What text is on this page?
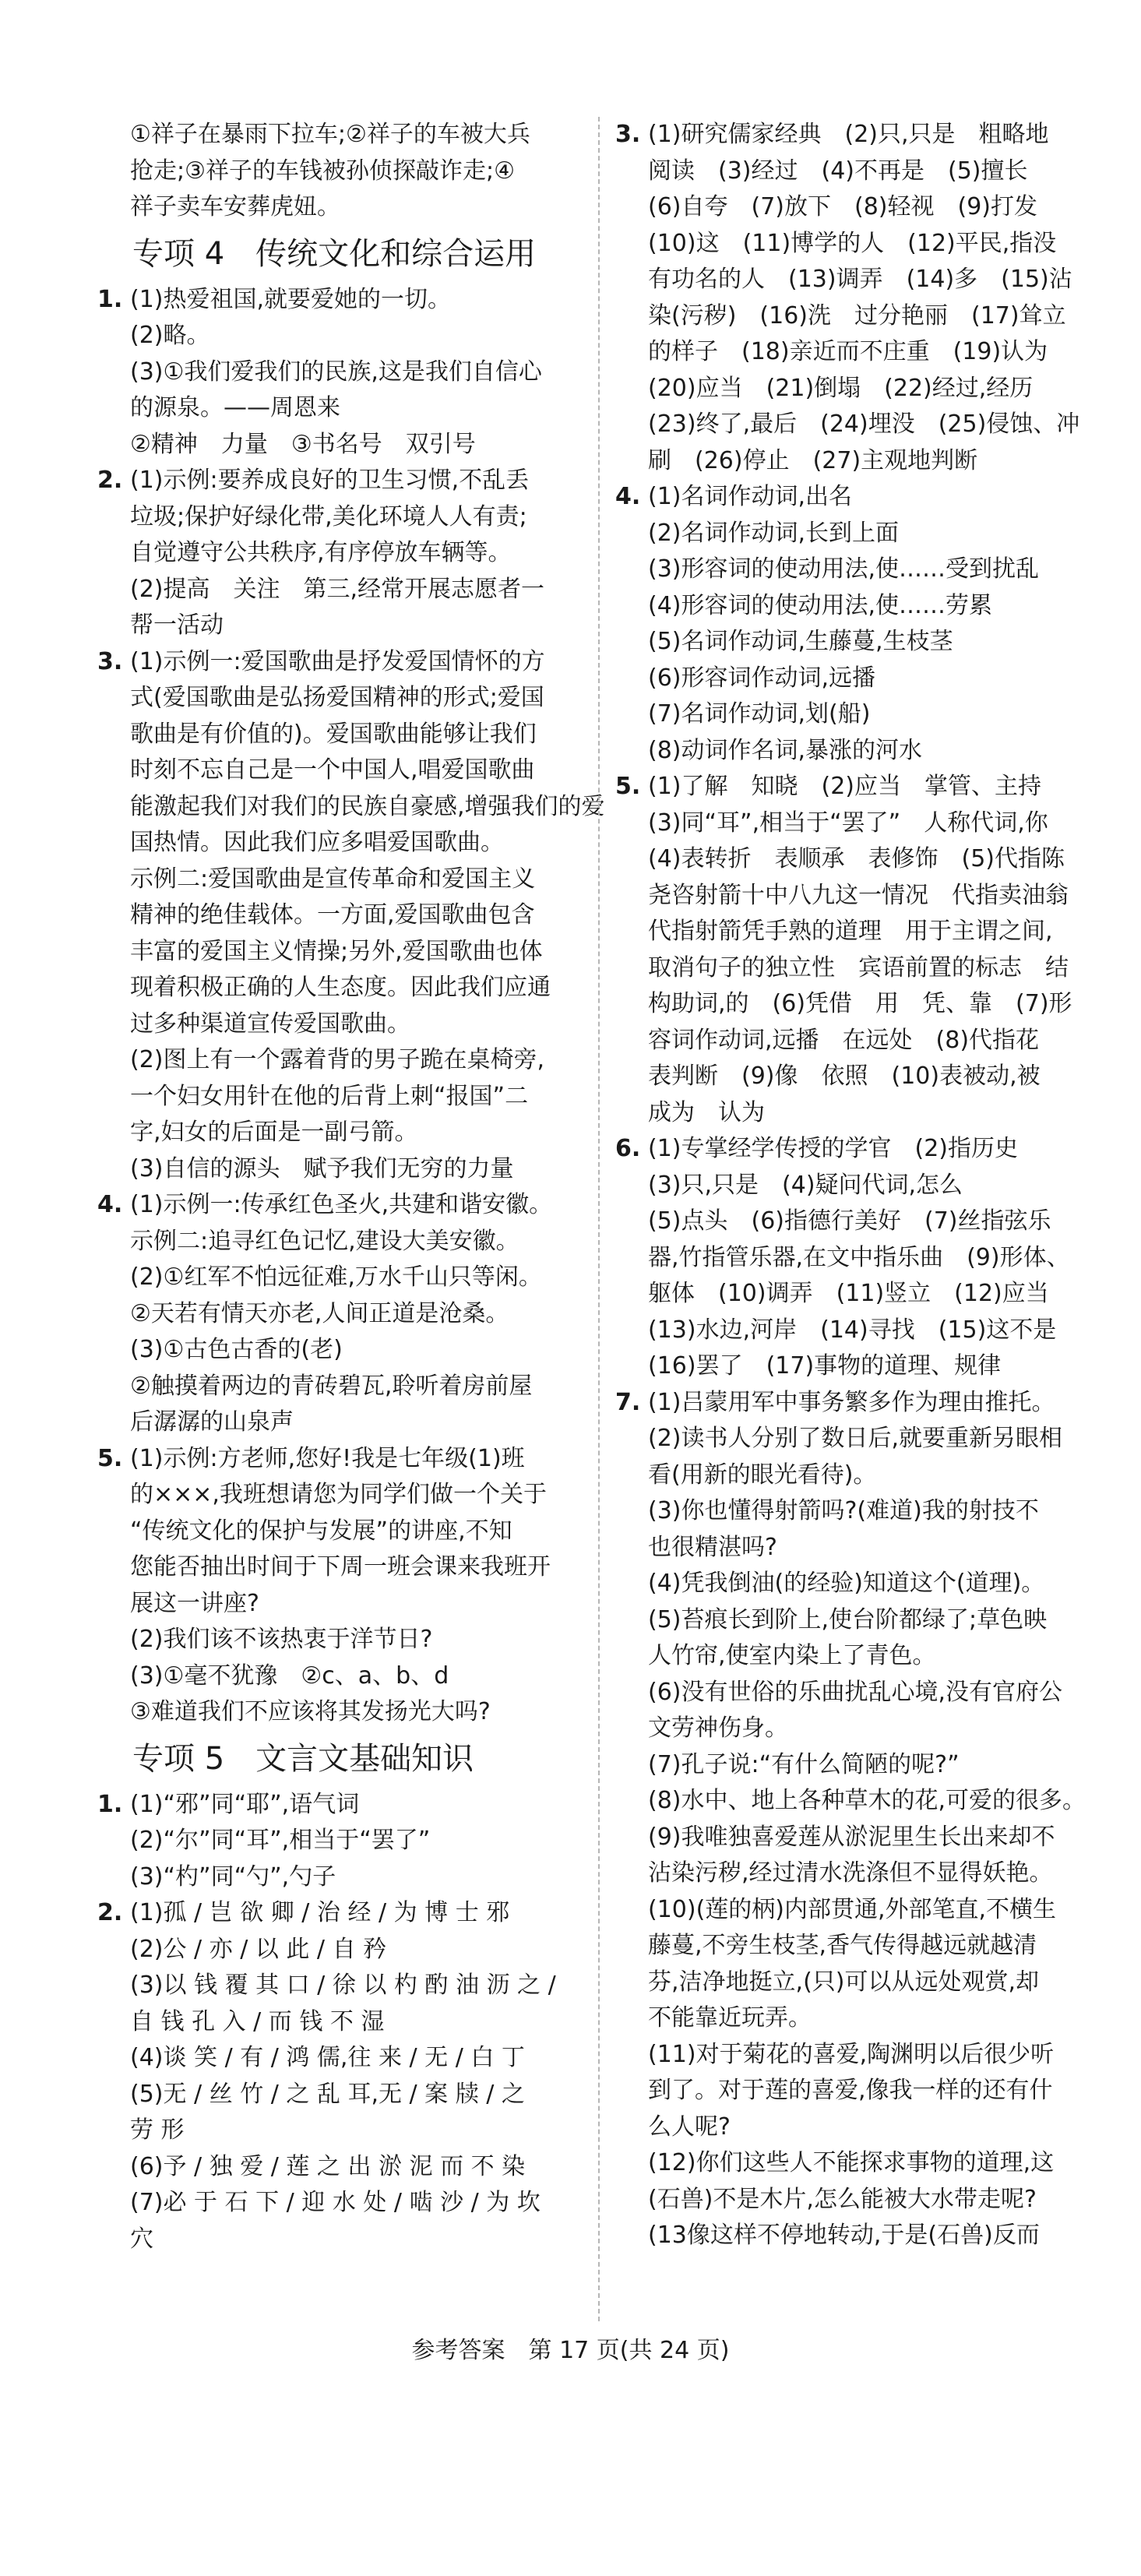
①祥子在暴雨下拉车;②祥子的车被大兵
抢走;③祥子的车钱被孙侦探敲诈走;④
祥子卖车安葬虎妞。
专项 4　传统文化和综合运用
1. (1)热爱祖国,就要爱她的一切。
(2)略。
(3)①我们爱我们的民族,这是我们自信心
的源泉。——周恩来
②精神　力量　③书名号　双引号
2. (1)示例:要养成良好的卫生习惯,不乱丢
垃圾;保护好绿化带,美化环境人人有责;
自觉遵守公共秩序,有序停放车辆等。
(2)提高　关注　第三,经常开展志愿者一
帮一活动
3. (1)示例一:爱国歌曲是抒发爱国情怀的方
式(爱国歌曲是弘扬爱国精神的形式;爱国
歌曲是有价值的)。爱国歌曲能够让我们
时刻不忘自己是一个中国人,唱爱国歌曲
能激起我们对我们的民族自豪感,增强我们的爱
国热情。因此我们应多唱爱国歌曲。
示例二:爱国歌曲是宣传革命和爱国主义
精神的绝佳载体。一方面,爱国歌曲包含
丰富的爱国主义情操;另外,爱国歌曲也体
现着积极正确的人生态度。因此我们应通
过多种渠道宣传爱国歌曲。
(2)图上有一个露着背的男子跪在桌椅旁,
一个妇女用针在他的后背上刺“报国”二
字,妇女的后面是一副弓箭。
(3)自信的源头　赋予我们无穷的力量
4. (1)示例一:传承红色圣火,共建和谐安徽。
示例二:追寻红色记忆,建设大美安徽。
(2)①红军不怕远征难,万水千山只等闲。
②天若有情天亦老,人间正道是沧桑。
(3)①古色古香的(老)
②触摸着两边的青砖碧瓦,聆听着房前屋
后潺潺的山泉声
5. (1)示例:方老师,您好!我是七年级(1)班
的×××,我班想请您为同学们做一个关于
“传统文化的保护与发展”的讲座,不知
您能否抽出时间于下周一班会课来我班开
展这一讲座?
(2)我们该不该热衷于洋节日?
(3)①毫不犹豫　②c、a、b、d
③难道我们不应该将其发扬光大吗?
专项 5　文言文基础知识
1. (1)“邪”同“耶”,语气词
(2)“尔”同“耳”,相当于“罢了”
(3)“杓”同“勺”,勺子
2. (1)孤 / 岂 欲 卿 / 治 经 / 为 博 士 邪
(2)公 / 亦 / 以 此 / 自 矜
(3)以 钱 覆 其 口 / 徐 以 杓 酌 油 沥 之 /
自 钱 孔 入 / 而 钱 不 湿
(4)谈 笑 / 有 / 鸿 儒,往 来 / 无 / 白 丁
(5)无 / 丝 竹 / 之 乱 耳,无 / 案 牍 / 之
劳 形
(6)予 / 独 爱 / 莲 之 出 淤 泥 而 不 染
(7)必 于 石 下 / 迎 水 处 / 啮 沙 / 为 坎
穴
3. (1)研究儒家经典　(2)只,只是　粗略地
阅读　(3)经过　(4)不再是　(5)擅长
(6)自夸　(7)放下　(8)轻视　(9)打发
(10)这　(11)博学的人　(12)平民,指没
有功名的人　(13)调弄　(14)多　(15)沾
染(污秽)　(16)洗　过分艳丽　(17)耸立
的样子　(18)亲近而不庄重　(19)认为
(20)应当　(21)倒塌　(22)经过,经历
(23)终了,最后　(24)埋没　(25)侵蚀、冲
刷　(26)停止　(27)主观地判断
4. (1)名词作动词,出名
(2)名词作动词,长到上面
(3)形容词的使动用法,使……受到扰乱
(4)形容词的使动用法,使……劳累
(5)名词作动词,生藤蔓,生枝茎
(6)形容词作动词,远播
(7)名词作动词,划(船)
(8)动词作名词,暴涨的河水
5. (1)了解　知晓　(2)应当　掌管、主持
(3)同“耳”,相当于“罢了”　人称代词,你
(4)表转折　表顺承　表修饰　(5)代指陈
尧咨射箭十中八九这一情况　代指卖油翁
代指射箭凭手熟的道理　用于主谓之间,
取消句子的独立性　宾语前置的标志　结
构助词,的　(6)凭借　用　凭、靠　(7)形
容词作动词,远播　在远处　(8)代指花
表判断　(9)像　依照　(10)表被动,被
成为　认为
6. (1)专掌经学传授的学官　(2)指历史
(3)只,只是　(4)疑问代词,怎么
(5)点头　(6)指德行美好　(7)丝指弦乐
器,竹指管乐器,在文中指乐曲　(9)形体、
躯体　(10)调弄　(11)竖立　(12)应当
(13)水边,河岸　(14)寻找　(15)这不是
(16)罢了　(17)事物的道理、规律
7. (1)吕蒙用军中事务繁多作为理由推托。
(2)读书人分别了数日后,就要重新另眼相
看(用新的眼光看待)。
(3)你也懂得射箭吗?(难道)我的射技不
也很精湛吗?
(4)凭我倒油(的经验)知道这个(道理)。
(5)苔痕长到阶上,使台阶都绿了;草色映
人竹帘,使室内染上了青色。
(6)没有世俗的乐曲扰乱心境,没有官府公
文劳神伤身。
(7)孔子说:“有什么简陋的呢?”
(8)水中、地上各种草木的花,可爱的很多。
(9)我唯独喜爱莲从淤泥里生长出来却不
沾染污秽,经过清水洗涤但不显得妖艳。
(10)(莲的柄)内部贯通,外部笔直,不横生
藤蔓,不旁生枝茎,香气传得越远就越清
芬,洁净地挺立,(只)可以从远处观赏,却
不能靠近玩弄。
(11)对于菊花的喜爱,陶渊明以后很少听
到了。对于莲的喜爱,像我一样的还有什
么人呢?
(12)你们这些人不能探求事物的道理,这
(石兽)不是木片,怎么能被大水带走呢?
(13像这样不停地转动,于是(石兽)反而
参考答案　第 17 页(共 24 页)
